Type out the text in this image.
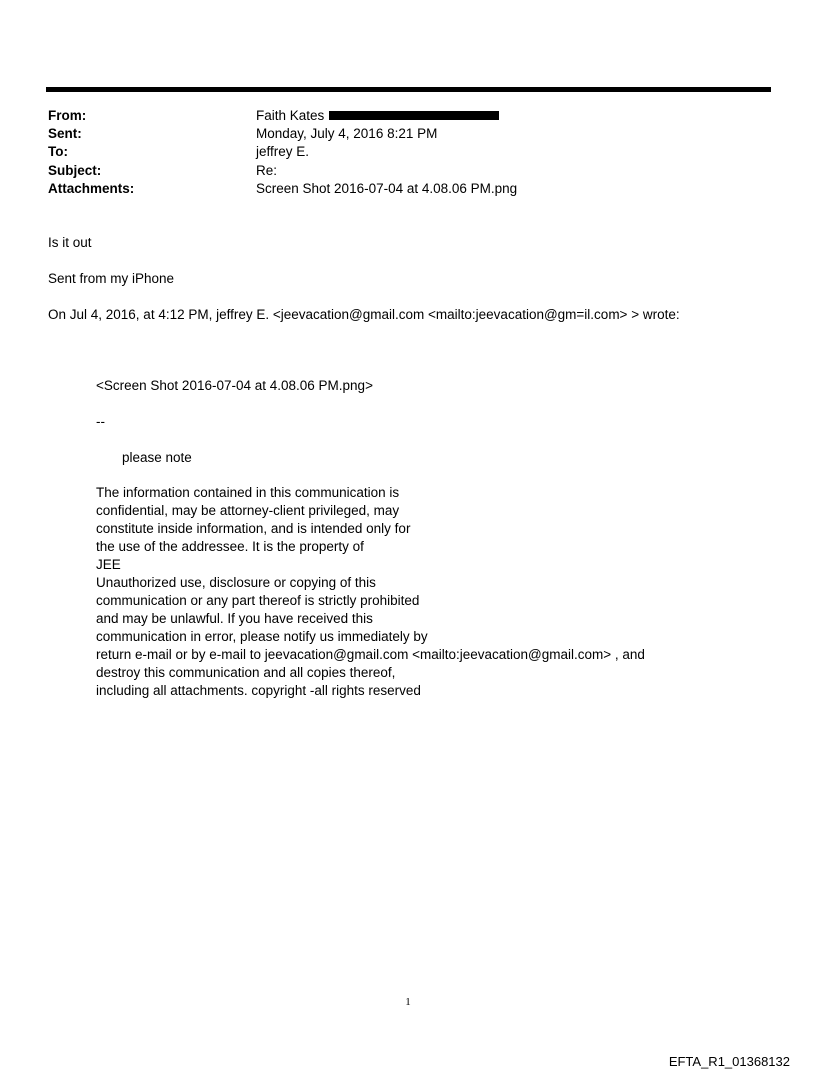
From:	Faith Kates
Sent:	Monday, July 4, 2016 8:21 PM
To:	jeffrey E.
Subject:	Re:
Attachments:	Screen Shot 2016-07-04 at 4.08.06 PM.png
Is it out
Sent from my iPhone
On Jul 4, 2016, at 4:12 PM, jeffrey E. <jeevacation@gmail.com <mailto:jeevacation@gm=il.com> > wrote:
<Screen Shot 2016-07-04 at 4.08.06 PM.png>
--
please note
The information contained in this communication is
confidential, may be attorney-client privileged, may
constitute inside information, and is intended only for
the use of the addressee. It is the property of
JEE
Unauthorized use, disclosure or copying of this
communication or any part thereof is strictly prohibited
and may be unlawful. If you have received this
communication in error, please notify us immediately by
return e-mail or by e-mail to jeevacation@gmail.com <mailto:jeevacation@gmail.com> , and
destroy this communication and all copies thereof,
including all attachments. copyright -all rights reserved
1
EFTA_R1_01368132
